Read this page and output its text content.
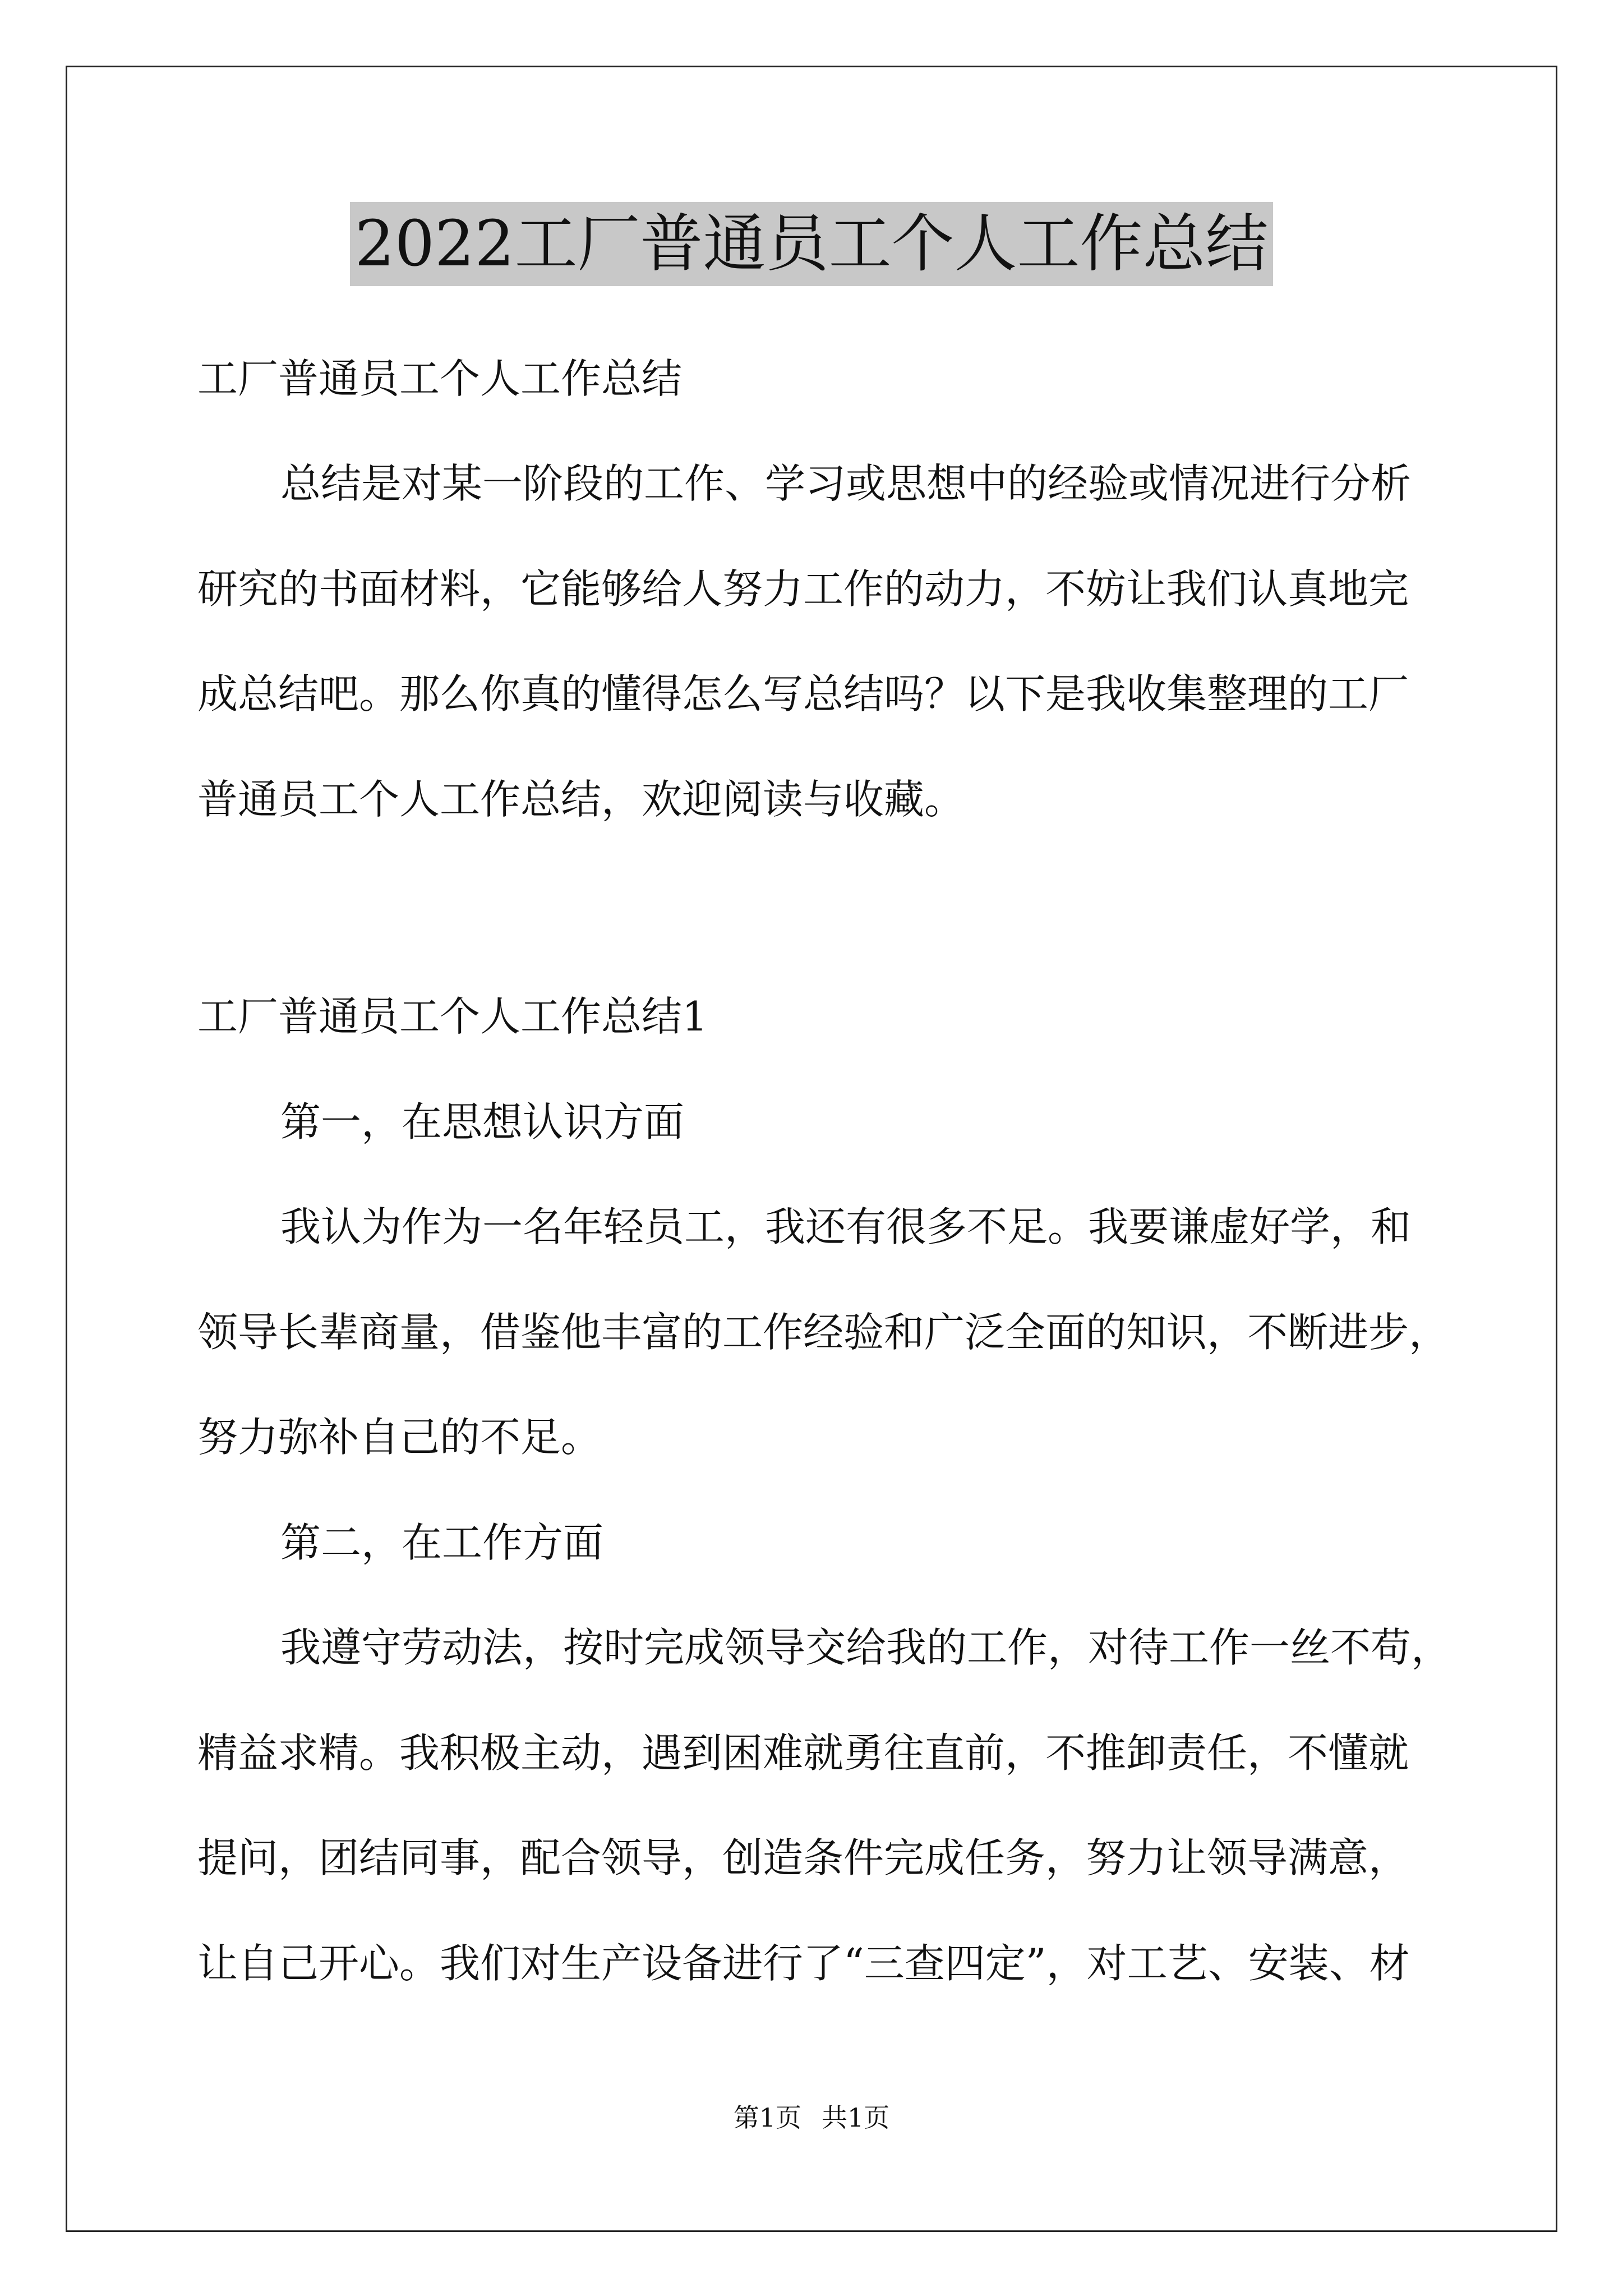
2022工厂普通员工个人工作总结
工厂普通员工个人工作总结
总结是对某一阶段的工作、学习或思想中的经验或情况进行分析
研究的书面材料，它能够给人努力工作的动力，不妨让我们认真地完
成总结吧。那么你真的懂得怎么写总结吗？以下是我收集整理的工厂
普通员工个人工作总结，欢迎阅读与收藏。
工厂普通员工个人工作总结1
第一，在思想认识方面
我认为作为一名年轻员工，我还有很多不足。我要谦虚好学，和
领导长辈商量，借鉴他丰富的工作经验和广泛全面的知识，不断进步，
努力弥补自己的不足。
第二，在工作方面
我遵守劳动法，按时完成领导交给我的工作，对待工作一丝不苟，
精益求精。我积极主动，遇到困难就勇往直前，不推卸责任，不懂就
提问，团结同事，配合领导，创造条件完成任务，努力让领导满意，
让自己开心。我们对生产设备进行了“三查四定”，对工艺、安装、材
第1页 共1页
